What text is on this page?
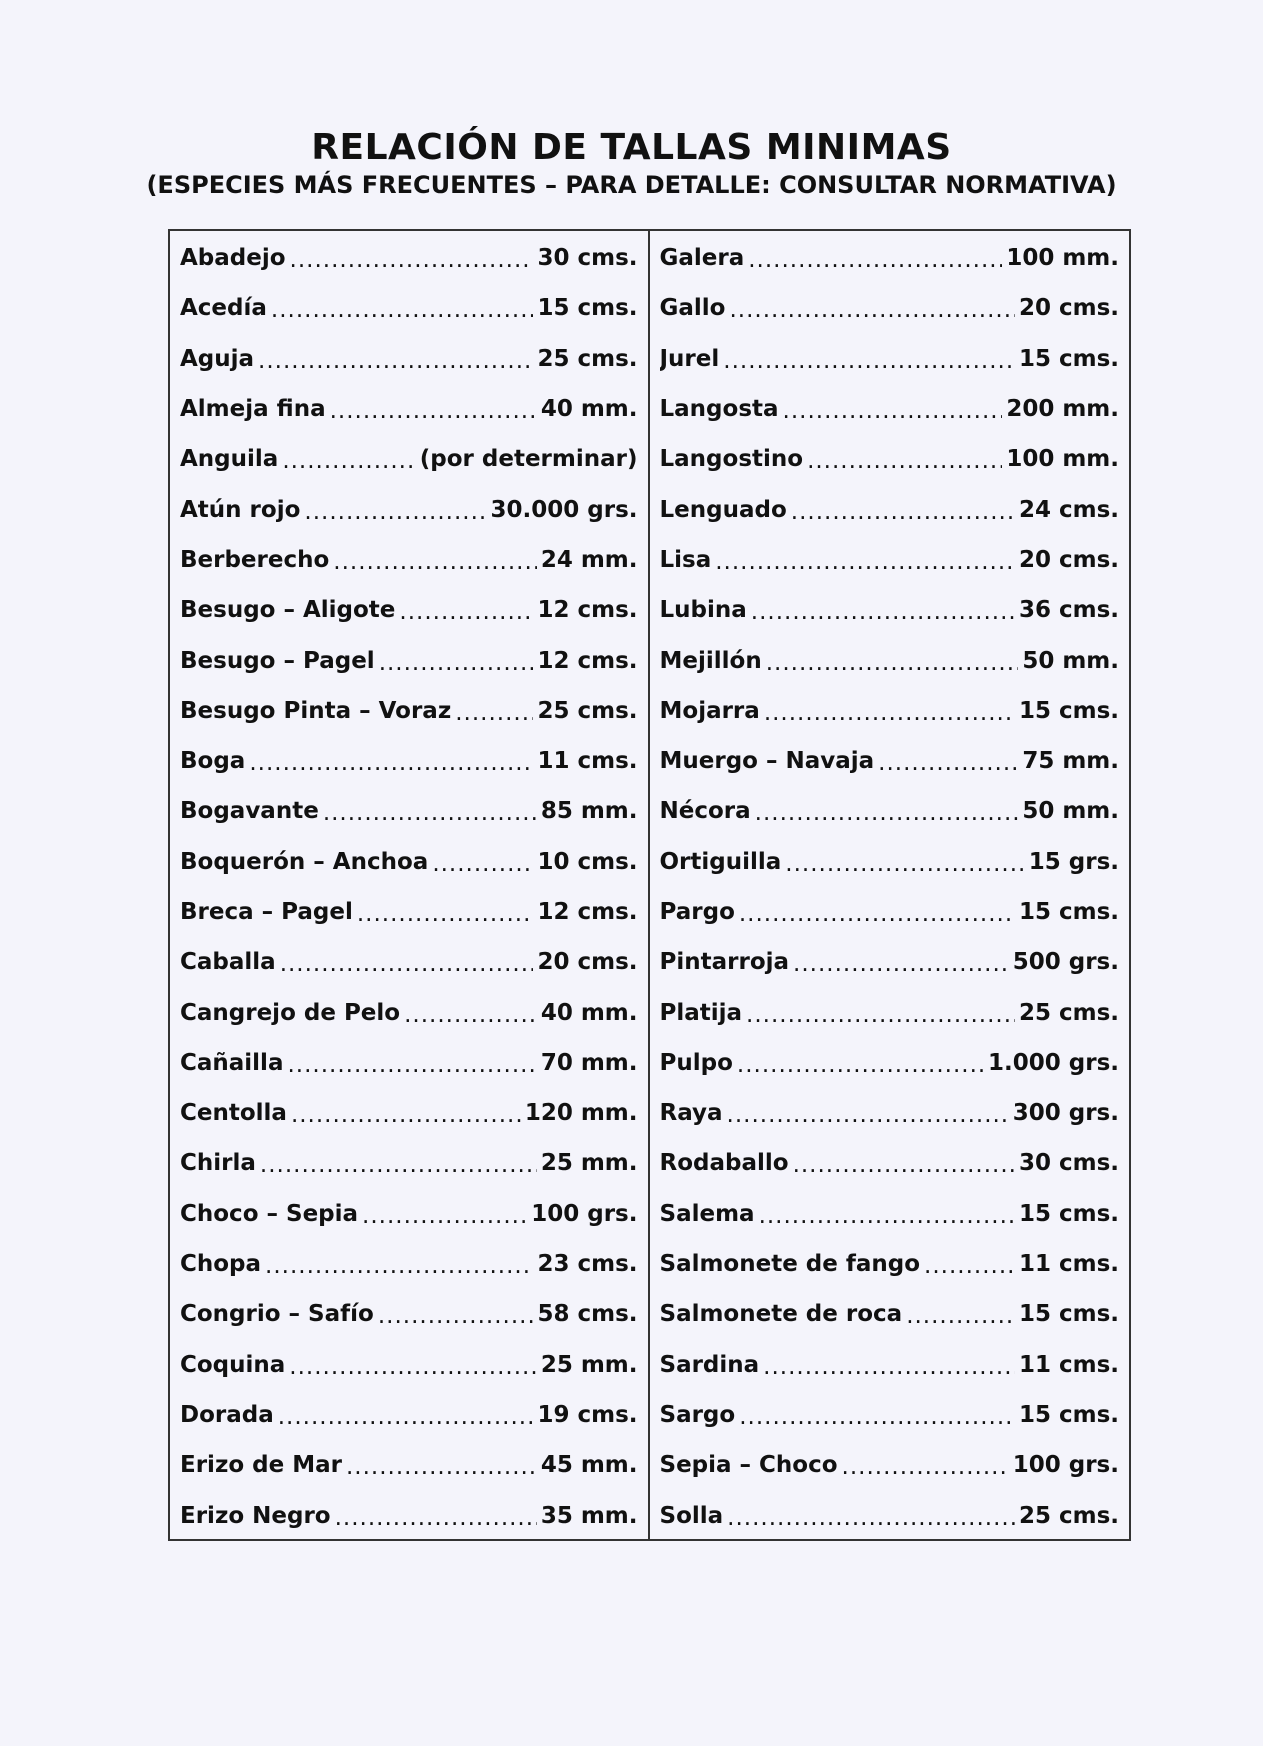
RELACIÓN DE TALLAS MINIMAS
(ESPECIES MÁS FRECUENTES – PARA DETALLE: CONSULTAR NORMATIVA)
Abadejo .....	30 cms.
Acedía .....	15 cms.
Aguja .....	25 cms.
Almeja fina .....	40 mm.
Anguila .....	(por determinar)
Atún rojo .....	30.000 grs.
Berberecho .....	24 mm.
Besugo – Aligote .....	12 cms.
Besugo – Pagel .....	12 cms.
Besugo Pinta – Voraz .....	25 cms.
Boga .....	11 cms.
Bogavante .....	85 mm.
Boquerón – Anchoa .....	10 cms.
Breca – Pagel .....	12 cms.
Caballa .....	20 cms.
Cangrejo de Pelo .....	40 mm.
Cañailla .....	70 mm.
Centolla .....	120 mm.
Chirla .....	25 mm.
Choco – Sepia .....	100 grs.
Chopa .....	23 cms.
Congrio – Safío .....	58 cms.
Coquina .....	25 mm.
Dorada .....	19 cms.
Erizo de Mar .....	45 mm.
Erizo Negro .....	35 mm.
Galera .....	100 mm.
Gallo .....	20 cms.
Jurel .....	15 cms.
Langosta .....	200 mm.
Langostino .....	100 mm.
Lenguado .....	24 cms.
Lisa .....	20 cms.
Lubina .....	36 cms.
Mejillón .....	50 mm.
Mojarra .....	15 cms.
Muergo – Navaja .....	75 mm.
Nécora .....	50 mm.
Ortiguilla .....	15 grs.
Pargo .....	15 cms.
Pintarroja .....	500 grs.
Platija .....	25 cms.
Pulpo .....	1.000 grs.
Raya .....	300 grs.
Rodaballo .....	30 cms.
Salema .....	15 cms.
Salmonete de fango .....	11 cms.
Salmonete de roca .....	15 cms.
Sardina .....	11 cms.
Sargo .....	15 cms.
Sepia – Choco .....	100 grs.
Solla .....	25 cms.
